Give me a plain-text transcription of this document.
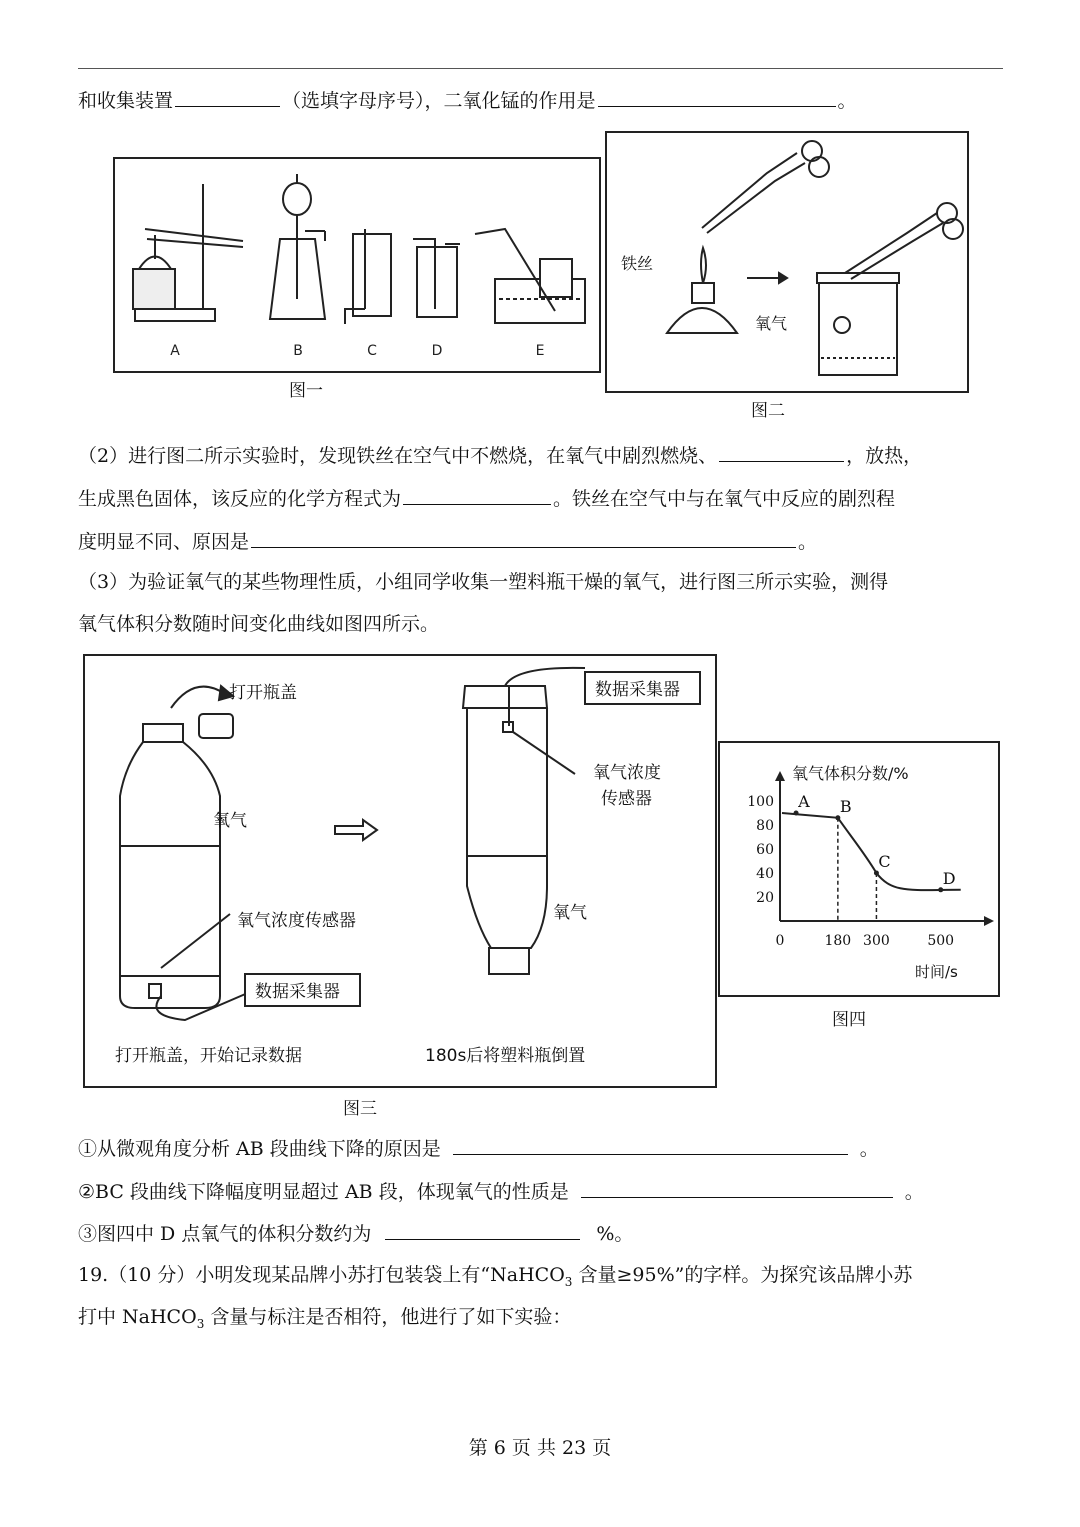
和收集装置	（选填字母序号），二氧化锰的作用是	。
A	B	C	D	E
图一
铁丝
氧气
图二
（2）进行图二所示实验时，发现铁丝在空气中不燃烧，在氧气中剧烈燃烧、	，放热，
生成黑色固体，该反应的化学方程式为	。铁丝在空气中与在氧气中反应的剧烈程
度明显不同、原因是	。
（3）为验证氧气的某些物理性质，小组同学收集一塑料瓶干燥的氧气，进行图三所示实验，测得
氧气体积分数随时间变化曲线如图四所示。
打开瓶盖
氧气
氧气浓度传感器
打开瓶盖，开始记录数据
氧气浓度
传感器
氧气
180s后将塑料瓶倒置
数据采集器
数据采集器
图三
氧气体积分数/%
时间/s
100
80
60
40
20
0	180 300	500
A B
C
D
图四
①从微观角度分析 AB 段曲线下降的原因是	。
②BC 段曲线下降幅度明显超过 AB 段，体现氧气的性质是	。
③图四中 D 点氧气的体积分数约为	%。
19.（10 分）小明发现某品牌小苏打包装袋上有“NaHCO$_3$ 含量≥95%”的字样。为探究该品牌小苏
打中 NaHCO$_3$ 含量与标注是否相符，他进行了如下实验：
第 6 页 共 23 页
